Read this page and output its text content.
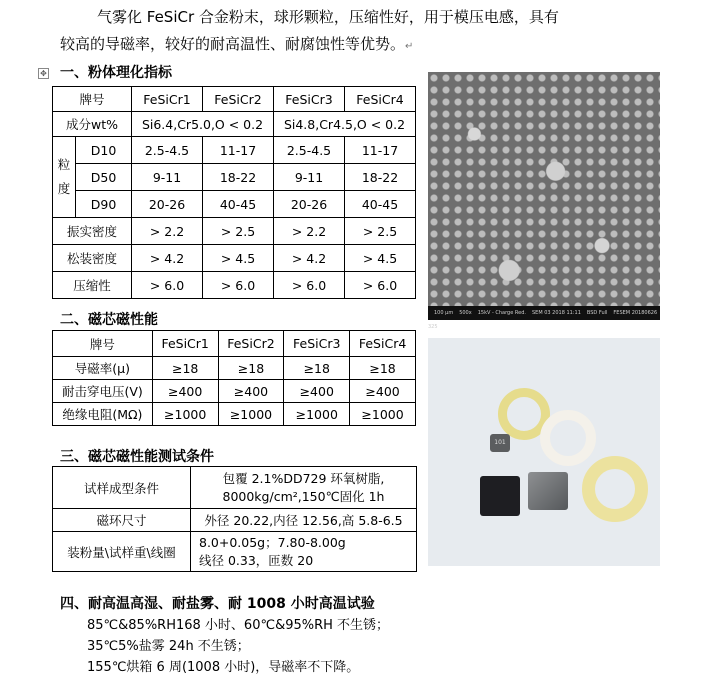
气雾化 FeSiCr 合金粉末，球形颗粒，压缩性好，用于模压电感，具有
较高的导磁率，较好的耐高温性、耐腐蚀性等优势。↵
✥ 一、粉体理化指标
牌号		FeSiCr1	FeSiCr2	FeSiCr3	FeSiCr4
成分wt%		Si6.4,Cr5.0,O < 0.2		Si4.8,Cr4.5,O < 0.2	
粒度	D10	2.5-4.5	11-17	2.5-4.5	11-17
	D50	9-11	18-22	9-11	18-22
	D90	20-26	40-45	20-26	40-45
振实密度		> 2.2	> 2.5	> 2.2	> 2.5
松装密度		> 4.2	> 4.5	> 4.2	> 4.5
压缩性		> 6.0	> 6.0	> 6.0	> 6.0
100 μm 500x 15kV - Charge Red. SEM 03 2018 11:11 BSD Full FESEM 20180626 325
二、磁芯磁性能
牌号	FeSiCr1	FeSiCr2	FeSiCr3	FeSiCr4
导磁率(μ)	≥18	≥18	≥18	≥18
耐击穿电压(V)	≥400	≥400	≥400	≥400
绝缘电阻(MΩ)	≥1000	≥1000	≥1000	≥1000
101
三、磁芯磁性能测试条件
试样成型条件	包覆 2.1%DD729 环氧树脂,
8000kg/cm²,150℃固化 1h

磁环尺寸	外径 20.22,内径 12.56,高 5.8-6.5
装粉量\试样重\线圈	8.0+0.05g；7.80-8.00g
线径 0.33，匝数 20
四、耐高温高湿、耐盐雾、耐 1008 小时高温试验
85℃&85%RH168 小时、60℃&95%RH 不生锈；
35℃5%盐雾 24h 不生锈；
155℃烘箱 6 周(1008 小时)，导磁率不下降。
